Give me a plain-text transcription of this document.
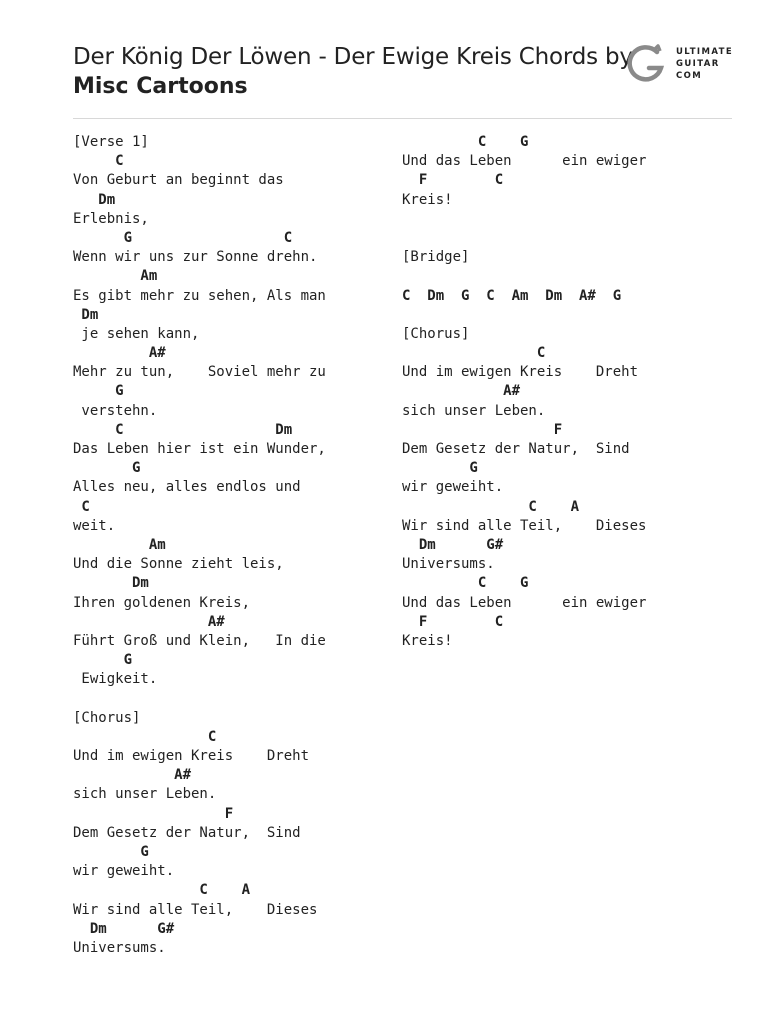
Der König Der Löwen - Der Ewige Kreis Chords by
Misc Cartoons
ULTIMATE
GUITAR
COM
[Verse 1]
C
Von Geburt an beginnt das
Dm
Erlebnis,
G                  C
Wenn wir uns zur Sonne drehn.
Am
Es gibt mehr zu sehen, Als man
Dm
je sehen kann,
A#
Mehr zu tun,    Soviel mehr zu
G
verstehn.
C                  Dm
Das Leben hier ist ein Wunder,
G
Alles neu, alles endlos und
C
weit.
Am
Und die Sonne zieht leis,
Dm
Ihren goldenen Kreis,
A#
Führt Groß und Klein,   In die
G
Ewigkeit.
[Chorus]
C
Und im ewigen Kreis    Dreht
A#
sich unser Leben.
F
Dem Gesetz der Natur,  Sind
G
wir geweiht.
C    A
Wir sind alle Teil,    Dieses
Dm      G#
Universums.
C    G
Und das Leben      ein ewiger
F        C
Kreis!
[Bridge]
C  Dm  G  C  Am  Dm  A#  G
[Chorus]
C
Und im ewigen Kreis    Dreht
A#
sich unser Leben.
F
Dem Gesetz der Natur,  Sind
G
wir geweiht.
C    A
Wir sind alle Teil,    Dieses
Dm      G#
Universums.
C    G
Und das Leben      ein ewiger
F        C
Kreis!
